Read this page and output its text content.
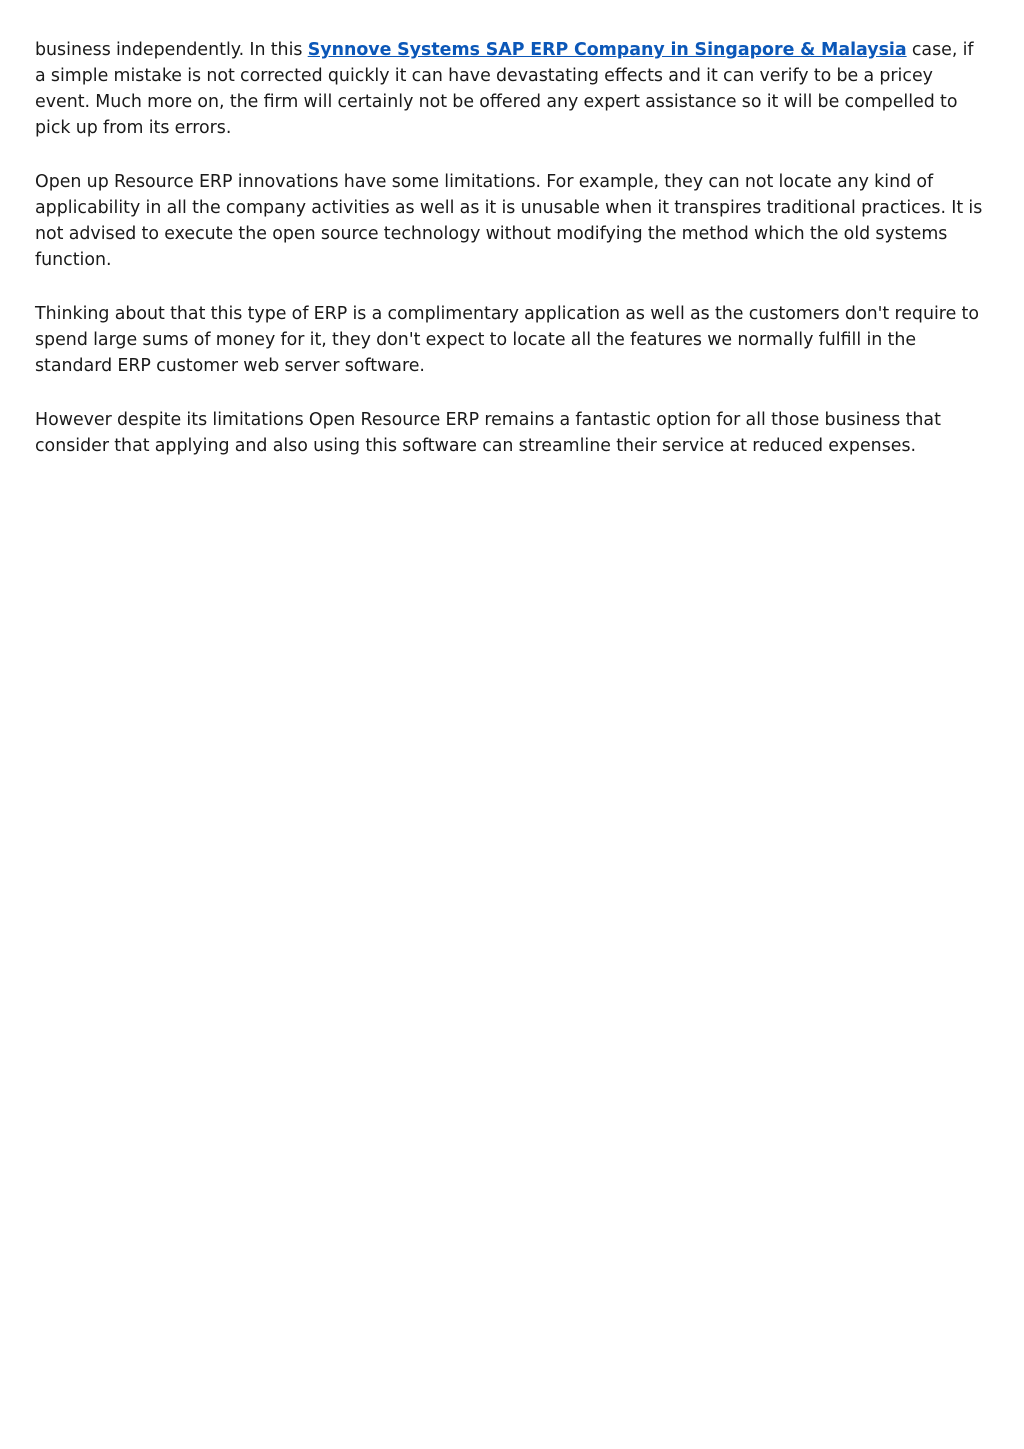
business independently. In this Synnove Systems SAP ERP Company in Singapore & Malaysia case, if a simple mistake is not corrected quickly it can have devastating effects and it can verify to be a pricey event. Much more on, the firm will certainly not be offered any expert assistance so it will be compelled to pick up from its errors.

Open up Resource ERP innovations have some limitations. For example, they can not locate any kind of applicability in all the company activities as well as it is unusable when it transpires traditional practices. It is not advised to execute the open source technology without modifying the method which the old systems function.

Thinking about that this type of ERP is a complimentary application as well as the customers don't require to spend large sums of money for it, they don't expect to locate all the features we normally fulfill in the standard ERP customer web server software.

However despite its limitations Open Resource ERP remains a fantastic option for all those business that consider that applying and also using this software can streamline their service at reduced expenses.
